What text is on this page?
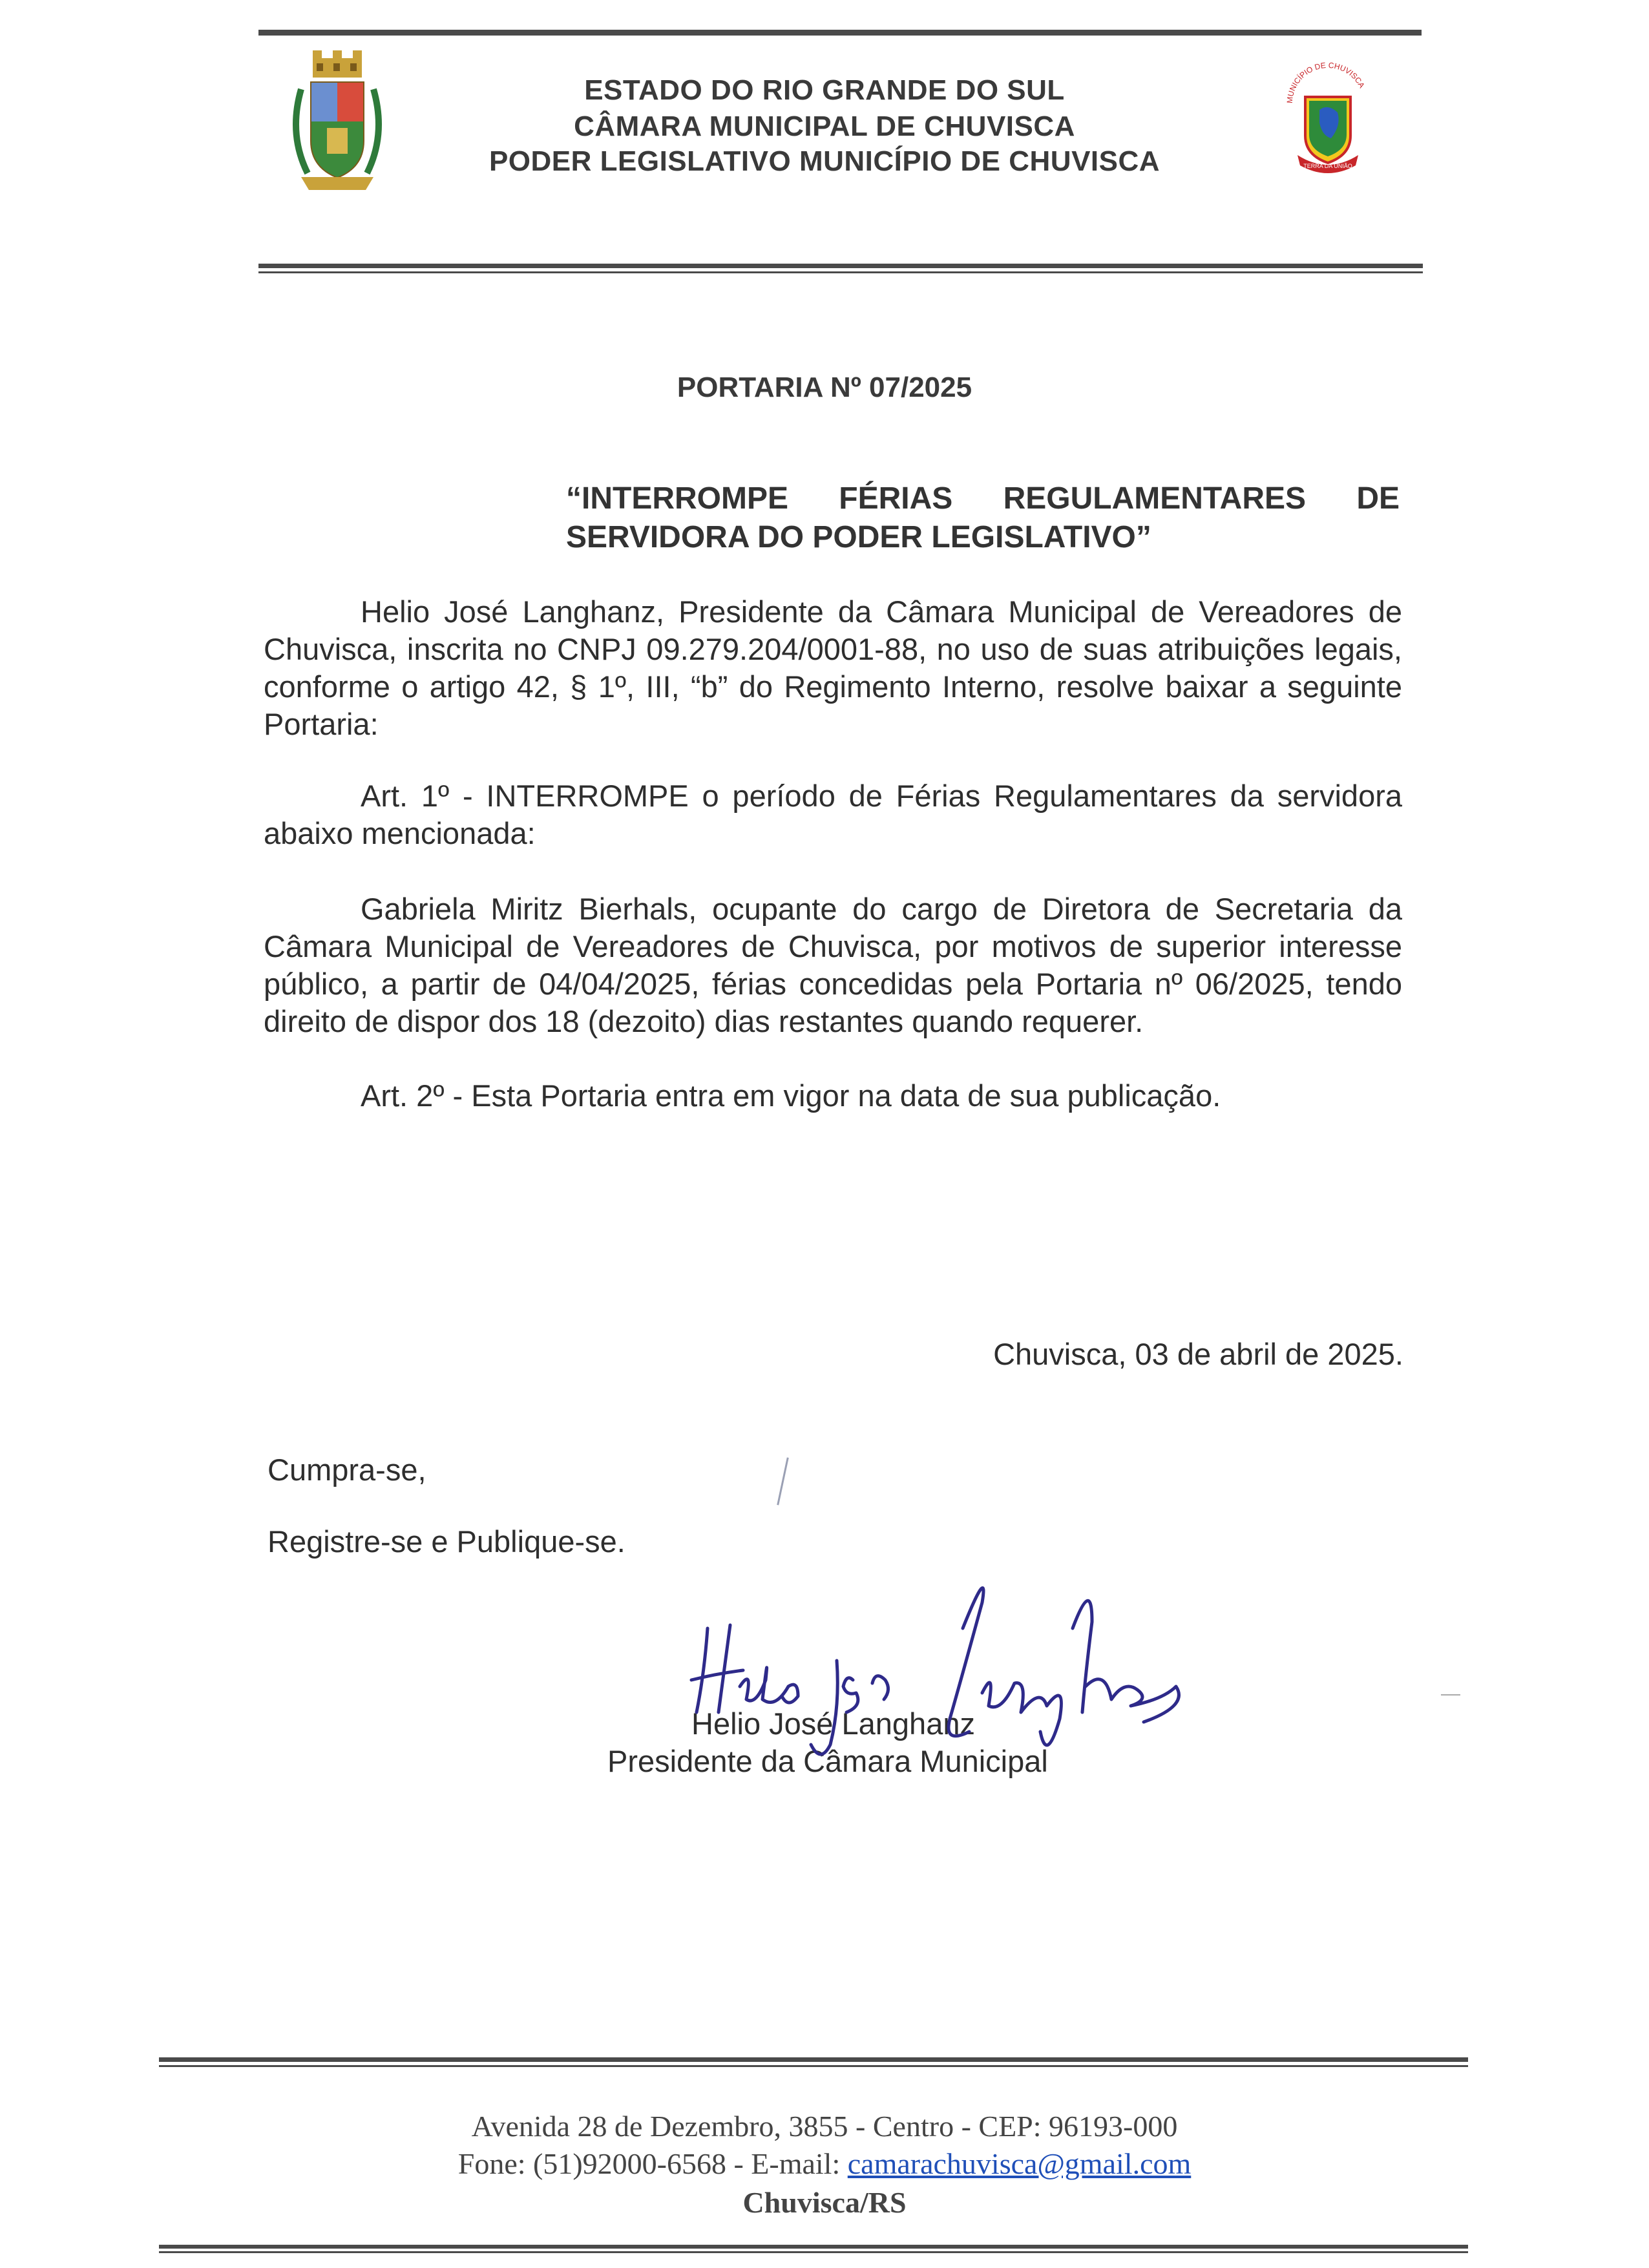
ESTADO DO RIO GRANDE DO SUL
CÂMARA MUNICIPAL DE CHUVISCA
PODER LEGISLATIVO MUNICÍPIO DE CHUVISCA
MUNICÍPIO DE CHUVISCA
TERRA DA UNIÃO
PORTARIA Nº 07/2025
“INTERROMPE FÉRIAS REGULAMENTARES DE SERVIDORA DO PODER LEGISLATIVO”
Helio José Langhanz, Presidente da Câmara Municipal de Vereadores de Chuvisca, inscrita no CNPJ 09.279.204/0001-88, no uso de suas atribuições legais, conforme o artigo 42, § 1º, III, “b” do Regimento Interno, resolve baixar a seguinte Portaria:
Art. 1º - INTERROMPE o período de Férias Regulamentares da servidora abaixo mencionada:
Gabriela Miritz Bierhals, ocupante do cargo de Diretora de Secretaria da Câmara Municipal de Vereadores de Chuvisca, por motivos de superior interesse público, a partir de 04/04/2025, férias concedidas pela Portaria nº 06/2025, tendo direito de dispor dos 18 (dezoito) dias restantes quando requerer.
Art. 2º - Esta Portaria entra em vigor na data de sua publicação.
Chuvisca, 03 de abril de 2025.
Cumpra-se,
Registre-se e Publique-se.
Helio José Langhanz
Presidente da Câmara Municipal
Avenida 28 de Dezembro, 3855 - Centro - CEP: 96193-000
Fone: (51)92000-6568 - E-mail: camarachuvisca@gmail.com
Chuvisca/RS
